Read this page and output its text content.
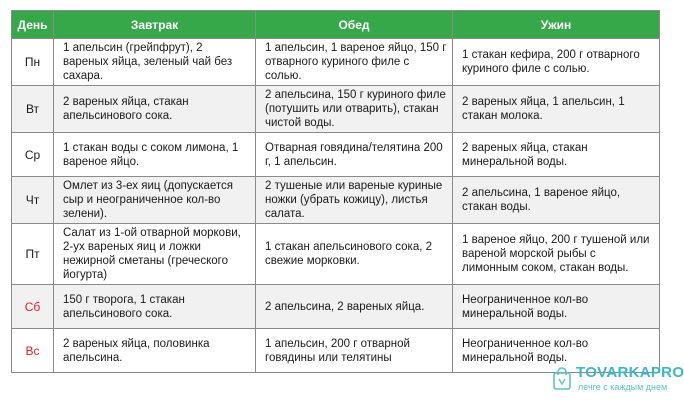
День	Завтрак	Обед	Ужин
Пн	1 апельсин (грейпфрут), 2 вареных яйца, зеленый чай без сахара.	1 апельсин, 1 вареное яйцо, 150 г отварного куриного филе с солью.	1 стакан кефира, 200 г отварного куриного филе с солью.
Вт	2 вареных яйца, стакан апельсинового сока.	2 апельсина, 150 г куриного филе (потушить или отварить), стакан чистой воды.	2 вареных яйца, 1 апельсин, 1 стакан молока.
Ср	1 стакан воды с соком лимона, 1 вареное яйцо.	Отварная говядина/телятина 200 г, 1 апельсин.	2 вареных яйца, стакан минеральной воды.
Чт	Омлет из 3-ех яиц (допускается сыр и неограниченное кол-во зелени).	2 тушеные или вареные куриные ножки (убрать кожицу), листья салата.	2 апельсина, 1 вареное яйцо, стакан воды.
Пт	Салат из 1-ой отварной моркови, 2-ух вареных яиц и ложки нежирной сметаны (греческого йогурта)	1 стакан апельсинового сока, 2 свежие морковки.	1 вареное яйцо, 200 г тушеной или вареной морской рыбы с лимонным соком, стакан воды.
Сб	150 г творога, 1 стакан апельсинового сока.	2 апельсина, 2 вареных яйца.	Неограниченное кол-во минеральной воды.
Вс	2 вареных яйца, половинка апельсина.	1 апельсин, 200 г отварной говядины или телятины	Неограниченное кол-во минеральной воды.
TOVARKAPRO
лечге с каждым днем
